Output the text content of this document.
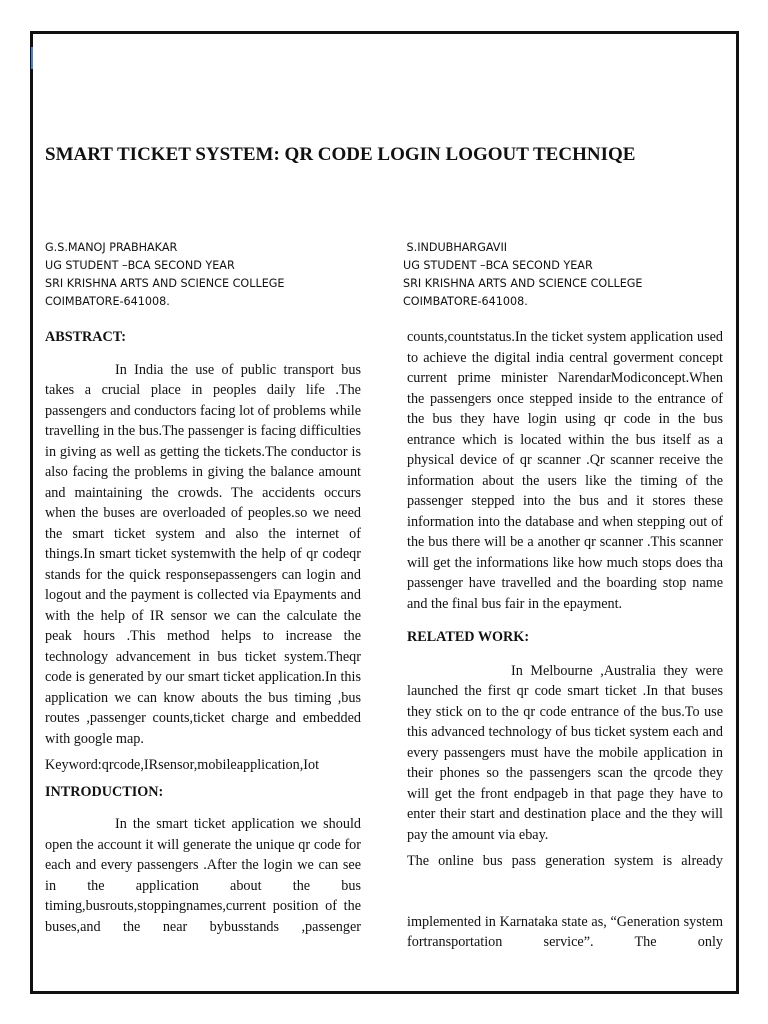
SMART TICKET SYSTEM: QR CODE LOGIN LOGOUT TECHNIQE
G.S.MANOJ PRABHAKAR
UG STUDENT –BCA SECOND YEAR
SRI KRISHNA ARTS AND SCIENCE COLLEGE
COIMBATORE-641008.
S.INDUBHARGAVII
UG STUDENT –BCA SECOND YEAR
SRI KRISHNA ARTS AND SCIENCE COLLEGE
COIMBATORE-641008.

ABSTRACT:

In India the use of public transport bus takes a crucial place in peoples daily life .The passengers and conductors facing lot of problems while travelling in the bus.The passenger is facing difficulties in giving as well as getting the tickets.The conductor is also facing the problems in giving the balance amount and maintaining the crowds. The accidents occurs when the buses are overloaded of peoples.so we need the smart ticket system and also the internet of things.In smart ticket systemwith the help of qr codeqr stands for the quick responsepassengers can login and logout and the payment is collected via Epayments and with the help of IR sensor we can the calculate the peak hours .This method helps to increase the technology advancement in bus ticket system.Theqr code is generated by our smart ticket application.In this application we can know abouts the bus timing ,bus routes ,passenger counts,ticket charge and embedded with google map.

Keyword:qrcode,IRsensor,mobileapplication,Iot

INTRODUCTION:

In the smart ticket application we should open the account it will generate the unique qr code for each and every passengers .After the login we can see in the application about the bus timing,busrouts,stoppingnames,current position of the buses,and the near bybusstands ,passenger

counts,countstatus.In the ticket system application used to achieve the digital india central goverment concept current prime minister NarendarModiconcept.When the passengers once stepped inside to the entrance of the bus they have login using qr code in the bus entrance which is located within the bus itself as a physical device of qr scanner .Qr scanner receive the information about the users like the timing of the passenger stepped into the bus and it stores these information into the database and when stepping out of the bus there will be a another qr scanner .This scanner will get the informations like how much stops does tha passenger have travelled and the boarding stop name and the final bus fair in the epayment.

RELATED WORK:

In Melbourne ,Australia they were launched the first qr code smart ticket .In that buses they stick on to the qr code entrance of the bus.To use this advanced technology of bus ticket system each and every passengers must have the mobile application in their phones so the passengers scan the qrcode they will get the front endpageb in that page they have to enter their start and destination place and the they will pay the amount via ebay.

The online bus pass generation system is already

implemented in Karnataka state as, “Generation system fortransportation service”. The only
